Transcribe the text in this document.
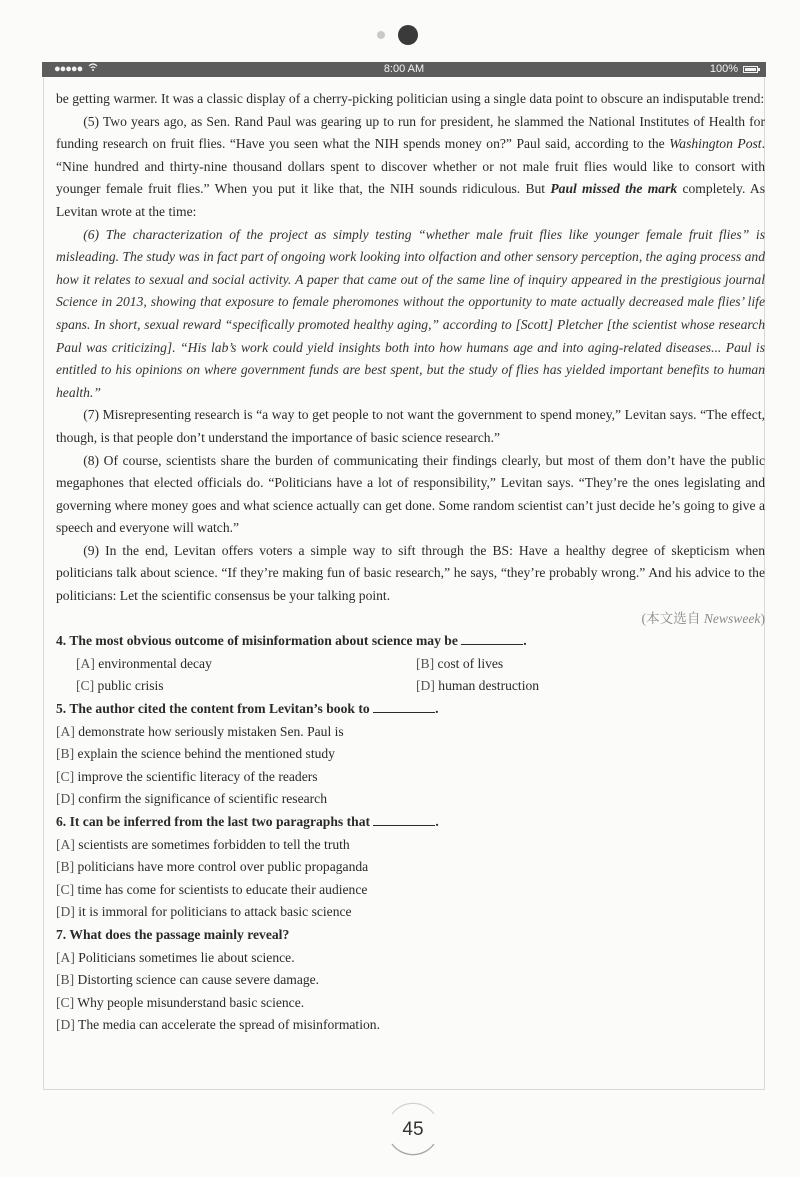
●●●●●	8:00 AM	100%

be getting warmer. It was a classic display of a cherry-picking politician using a single data point to obscure an indisputable trend:

(5) Two years ago, as Sen. Rand Paul was gearing up to run for president, he slammed the National Institutes of Health for funding research on fruit flies. “Have you seen what the NIH spends money on?” Paul said, according to the Washington Post. “Nine hundred and thirty-nine thousand dollars spent to discover whether or not male fruit flies would like to consort with younger female fruit flies.” When you put it like that, the NIH sounds ridiculous. But Paul missed the mark completely. As Levitan wrote at the time:

(6) The characterization of the project as simply testing “whether male fruit flies like younger female fruit flies” is misleading. The study was in fact part of ongoing work looking into olfaction and other sensory perception, the aging process and how it relates to sexual and social activity. A paper that came out of the same line of inquiry appeared in the prestigious journal Science in 2013, showing that exposure to female pheromones without the opportunity to mate actually decreased male flies’ life spans. In short, sexual reward “specifically promoted healthy aging,” according to [Scott] Pletcher [the scientist whose research Paul was criticizing]. “His lab’s work could yield insights both into how humans age and into aging-related diseases... Paul is entitled to his opinions on where government funds are best spent, but the study of flies has yielded important benefits to human health.”

(7) Misrepresenting research is “a way to get people to not want the government to spend money,” Levitan says. “The effect, though, is that people don’t understand the importance of basic science research.”

(8) Of course, scientists share the burden of communicating their findings clearly, but most of them don’t have the public megaphones that elected officials do. “Politicians have a lot of responsibility,” Levitan says. “They’re the ones legislating and governing where money goes and what science actually can get done. Some random scientist can’t just decide he’s going to give a speech and everyone will watch.”

(9) In the end, Levitan offers voters a simple way to sift through the BS: Have a healthy degree of skepticism when politicians talk about science. “If they’re making fun of basic research,” he says, “they’re probably wrong.” And his advice to the politicians: Let the scientific consensus be your talking point.

(本文选自 Newsweek)

4. The most obvious outcome of misinformation about science may be	.

[A] environmental decay	[B] cost of lives
[C] public crisis	[D] human destruction

5. The author cited the content from Levitan’s book to	.

[A] demonstrate how seriously mistaken Sen. Paul is

[B] explain the science behind the mentioned study

[C] improve the scientific literacy of the readers

[D] confirm the significance of scientific research

6. It can be inferred from the last two paragraphs that	.

[A] scientists are sometimes forbidden to tell the truth

[B] politicians have more control over public propaganda

[C] time has come for scientists to educate their audience

[D] it is immoral for politicians to attack basic science

7. What does the passage mainly reveal?

[A] Politicians sometimes lie about science.

[B] Distorting science can cause severe damage.

[C] Why people misunderstand basic science.

[D] The media can accelerate the spread of misinformation.

45
